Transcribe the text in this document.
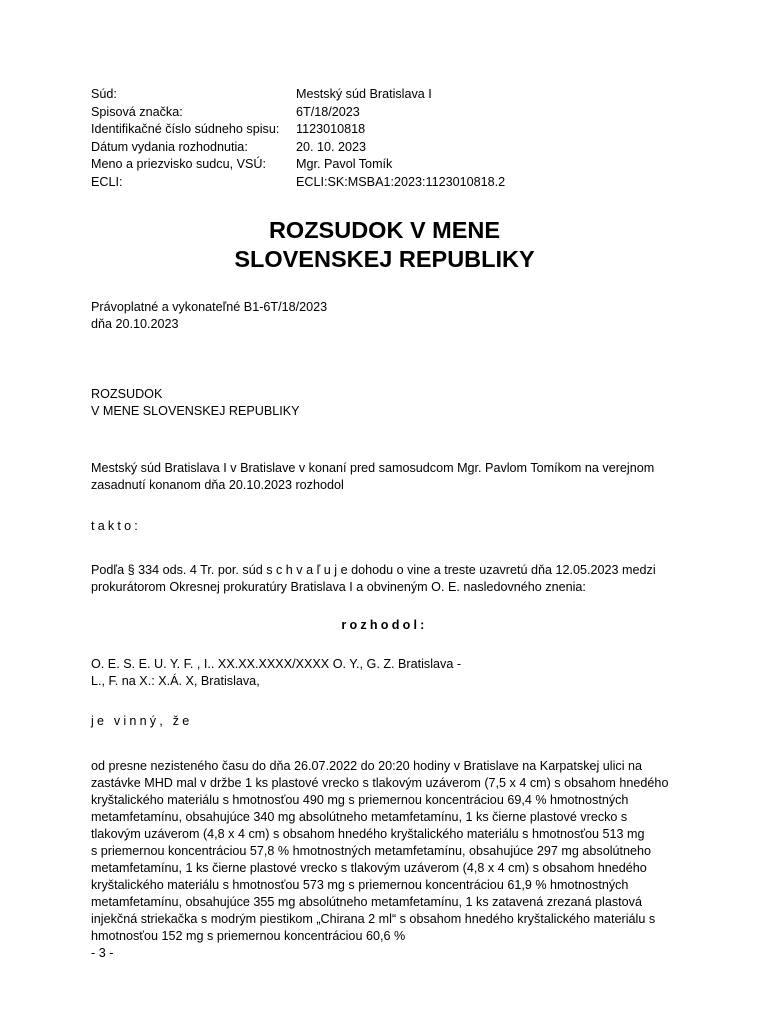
Súd:	Mestský súd Bratislava I
Spisová značka:	6T/18/2023
Identifikačné číslo súdneho spisu:	1123010818
Dátum vydania rozhodnutia:	20. 10. 2023
Meno a priezvisko sudcu, VSÚ:	Mgr. Pavol Tomík
ECLI:	ECLI:SK:MSBA1:2023:1123010818.2
ROZSUDOK V MENE
SLOVENSKEJ REPUBLIKY
Právoplatné a vykonateľné B1-6T/18/2023
dňa 20.10.2023
ROZSUDOK
V MENE SLOVENSKEJ REPUBLIKY
Mestský súd Bratislava I v Bratislave v konaní pred samosudcom Mgr. Pavlom Tomíkom na verejnom
zasadnutí konanom dňa 20.10.2023 rozhodol
takto:
Podľa § 334 ods. 4 Tr. por. súd s c h v a ľ u j e dohodu o vine a treste uzavretú dňa 12.05.2023 medzi
prokurátorom Okresnej prokuratúry Bratislava I a obvineným O. E. nasledovného znenia:
rozhodol:
O. E. S. E. U. Y. F. , I.. XX.XX.XXXX/XXXX O. Y., G. Z. Bratislava -
L., F. na X.: X.Á. X, Bratislava,
je vinný, že
od presne nezisteného času do dňa 26.07.2022 do 20:20 hodiny v Bratislave na Karpatskej ulici na
zastávke MHD mal v držbe 1 ks plastové vrecko s tlakovým uzáverom (7,5 x 4 cm) s obsahom hnedého
kryštalického materiálu s hmotnosťou 490 mg s priemernou koncentráciou 69,4 % hmotnostných
metamfetamínu, obsahujúce 340 mg absolútneho metamfetamínu, 1 ks čierne plastové vrecko s
tlakovým uzáverom (4,8 x 4 cm) s obsahom hnedého kryštalického materiálu s hmotnosťou 513 mg
s priemernou koncentráciou 57,8 % hmotnostných metamfetamínu, obsahujúce 297 mg absolútneho
metamfetamínu, 1 ks čierne plastové vrecko s tlakovým uzáverom (4,8 x 4 cm) s obsahom hnedého
kryštalického materiálu s hmotnosťou 573 mg s priemernou koncentráciou 61,9 % hmotnostných
metamfetamínu, obsahujúce 355 mg absolútneho metamfetamínu, 1 ks zatavená zrezaná plastová
injekčná striekačka s modrým piestikom „Chirana 2 ml“ s obsahom hnedého kryštalického materiálu s
hmotnosťou 152 mg s priemernou koncentráciou 60,6 %
- 3 -
